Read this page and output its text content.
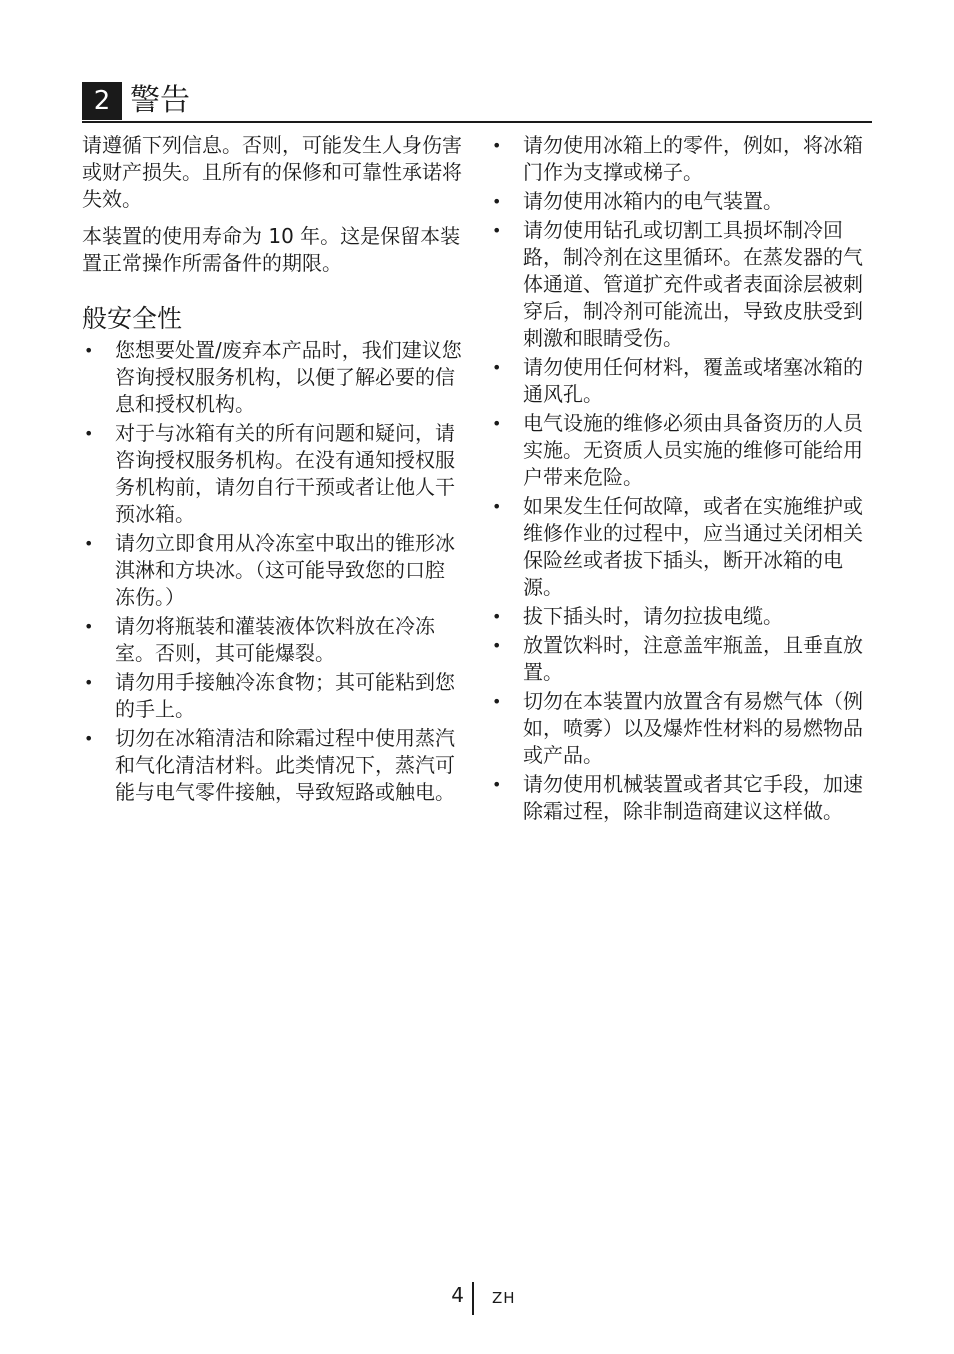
2 警告

请遵循下列信息。否则，可能发生人身伤害或财产损失。且所有的保修和可靠性承诺将失效。

本装置的使用寿命为 10 年。这是保留本装置正常操作所需备件的期限。

般安全性
• 您想要处置/废弃本产品时，我们建议您咨询授权服务机构，以便了解必要的信息和授权机构。
• 对于与冰箱有关的所有问题和疑问，请咨询授权服务机构。在没有通知授权服务机构前，请勿自行干预或者让他人干预冰箱。
• 请勿立即食用从冷冻室中取出的锥形冰淇淋和方块冰。（这可能导致您的口腔冻伤。）
• 请勿将瓶装和灌装液体饮料放在冷冻室。否则，其可能爆裂。
• 请勿用手接触冷冻食物；其可能粘到您的手上。
• 切勿在冰箱清洁和除霜过程中使用蒸汽和气化清洁材料。此类情况下，蒸汽可能与电气零件接触，导致短路或触电。
• 请勿使用冰箱上的零件，例如，将冰箱门作为支撑或梯子。
• 请勿使用冰箱内的电气装置。
• 请勿使用钻孔或切割工具损坏制冷回路，制冷剂在这里循环。在蒸发器的气体通道、管道扩充件或者表面涂层被刺穿后，制冷剂可能流出，导致皮肤受到刺激和眼睛受伤。
• 请勿使用任何材料，覆盖或堵塞冰箱的通风孔。
• 电气设施的维修必须由具备资历的人员实施。无资质人员实施的维修可能给用户带来危险。
• 如果发生任何故障，或者在实施维护或维修作业的过程中，应当通过关闭相关保险丝或者拔下插头，断开冰箱的电源。
• 拔下插头时，请勿拉拔电缆。
• 放置饮料时，注意盖牢瓶盖，且垂直放置。
• 切勿在本装置内放置含有易燃气体（例如，喷雾）以及爆炸性材料的易燃物品或产品。
• 请勿使用机械装置或者其它手段，加速除霜过程，除非制造商建议这样做。
4 ZH
